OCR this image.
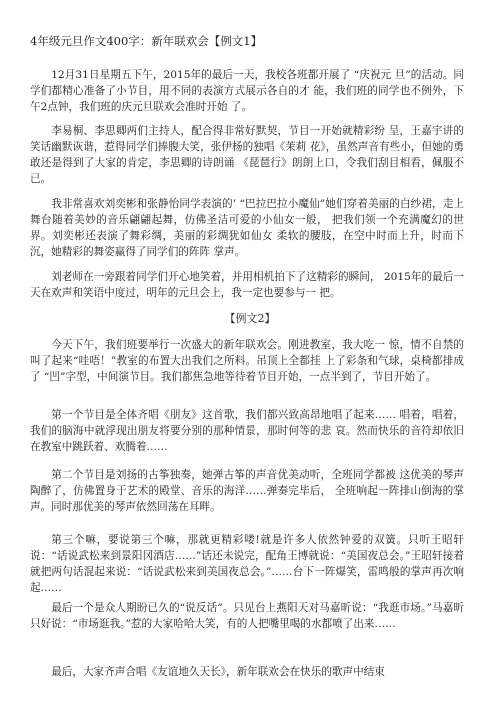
4年级元旦作文400字：新年联欢会【例文1】
12月31日星期五下午，2015年的最后一天，我校各班都开展了 “庆祝元 旦”的活动。同学们都精心准备了小节目，用不同的表演方式展示各自的才 能，我们班的同学也不例外，下午2点钟，我们班的庆元旦联欢会准时开始 了。
李易桐、李思卿两们主持人，配合得非常好默契，节目一开始就精彩纷 呈，王嘉宇讲的笑话幽默诙谐，惹得同学们捧腹大笑，张伊杨的独唱《茉莉 花》，虽然声音有些小，但她的勇敢还是得到了大家的肯定，李思卿的诗朗诵 《琵琶行》朗朗上口，令我们刮目相看，佩服不已。
我非常喜欢刘奕彬和张静怡同学表演的’ “巴拉巴拉小魔仙”她们穿着美丽的白纱裙，走上舞台随着美妙的音乐翩翩起舞，仿佛圣洁可爱的小仙女一般， 把我们领一个充满魔幻的世界。刘奕彬还表演了舞彩绸，美丽的彩绸犹如仙女 柔软的腰肢，在空中时而上升，时而下沉，她精彩的舞姿赢得了同学们的阵阵 掌声。
刘老师在一旁跟着同学们开心地笑着，并用相机拍下了这精彩的瞬间， 2015年的最后一天在欢声和笑语中度过，明年的元旦会上，我一定也要参与一 把。
【例文2】
今天下午，我们班要举行一次盛大的新年联欢会。刚进教室，我大吃一 惊，情不自禁的叫了起来“哇唔！”教室的布置大出我们之所料。吊顶上全都挂 上了彩条和气球，桌椅都排成了 “凹”字型，中间演节目。我们都焦急地等待着节目开始，一点半到了，节目开始了。
第一个节目是全体齐唱《朋友》这首歌，我们都兴致高昂地唱了起来…… 唱着，唱着，我们的脑海中就浮现出朋友将要分别的那种情景，那时何等的悲 哀。然而快乐的音符却依旧在教室中跳跃着、欢腾着……
第二个节目是刘扬的古筝独奏，她弹古筝的声音优美动听，全班同学都被 这优美的琴声陶醉了，仿佛置身于艺术的殿堂、音乐的海洋……弹奏完毕后， 全班响起一阵排山倒海的掌声。同时那优美的琴声依然回荡在耳畔。
第三个嘛，要说第三个嘛，那就更精彩喽!就是许多人依然钟爱的双簧。只听王昭轩说：“话说武松来到景阳冈酒店……”话还未说完，配角王博就说：“美国夜总会。”王昭轩接着就把两句话混起来说：“话说武松来到美国夜总会。”……台下一阵爆笑，雷鸣般的掌声再次响起……
最后一个是众人期盼已久的“说反话”。只见台上燕阳天对马嘉昕说：“我逛市场。”马嘉昕只好说：“市场逛我。”惹的大家哈哈大笑，有的人把嘴里喝的水都喷了出来……
最后，大家齐声合唱《友谊地久天长》，新年联欢会在快乐的歌声中结束
